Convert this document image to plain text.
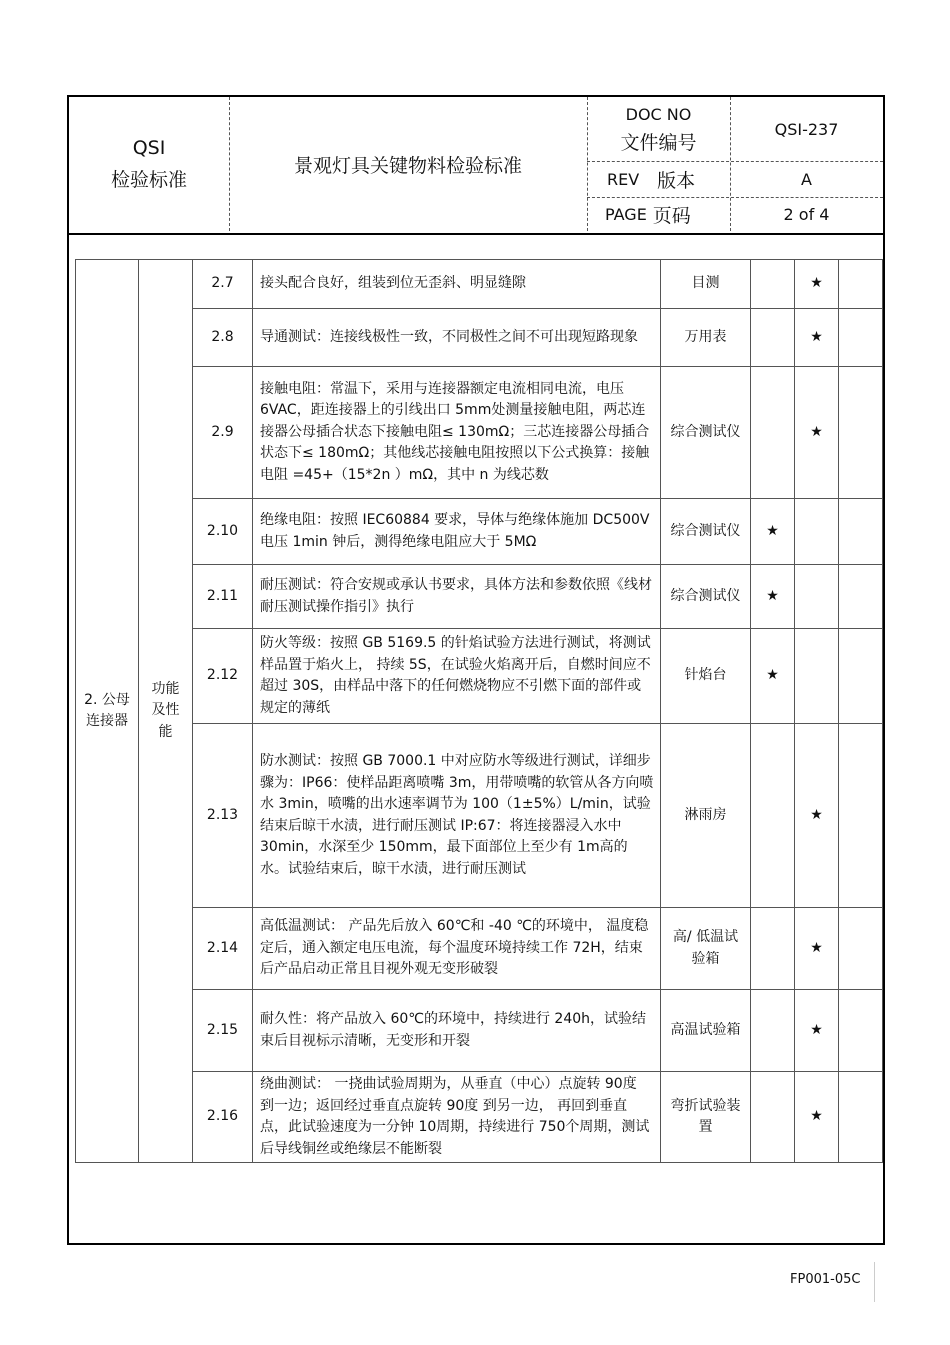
QSI
检验标准
景观灯具关键物料检验标准
DOC NO
文件编号
QSI-237
REV 版本	A
PAGE 页码	2 of 4
2. 公母连接器	功能及性能	2.7	接头配合良好，组装到位无歪斜、明显缝隙	目测		★	
		2.8	导通测试：连接线极性一致，不同极性之间不可出现短路现象	万用表		★	
		2.9	接触电阻：常温下，采用与连接器额定电流相同电流，电压 6VAC，距连接器上的引线出口 5mm处测量接触电阻，两芯连接器公母插合状态下接触电阻≤ 130mΩ；三芯连接器公母插合状态下≤ 180mΩ；其他线芯接触电阻按照以下公式换算：接触电阻 =45+（15*2n ）mΩ，其中 n 为线芯数	综合测试仪		★	
		2.10	绝缘电阻：按照 IEC60884 要求，导体与绝缘体施加 DC500V电压 1min 钟后，测得绝缘电阻应大于 5MΩ	综合测试仪	★		
		2.11	耐压测试：符合安规或承认书要求，具体方法和参数依照《线材耐压测试操作指引》执行	综合测试仪	★		
		2.12	防火等级：按照 GB 5169.5 的针焰试验方法进行测试，将测试样品置于焰火上， 持续 5S，在试验火焰离开后，自燃时间应不超过 30S，由样品中落下的任何燃烧物应不引燃下面的部件或规定的薄纸	针焰台	★		
		2.13	防水测试：按照 GB 7000.1 中对应防水等级进行测试，详细步骤为：IP66：使样品距离喷嘴 3m，用带喷嘴的软管从各方向喷水 3min，喷嘴的出水速率调节为 100（1±5%）L/min，试验结束后晾干水渍，进行耐压测试 IP:67：将连接器浸入水中 30min，水深至少 150mm，最下面部位上至少有 1m高的水。试验结束后，晾干水渍，进行耐压测试	淋雨房		★	
		2.14	高低温测试： 产品先后放入 60℃和 -40 ℃的环境中， 温度稳定后，通入额定电压电流，每个温度环境持续工作 72H，结束后产品启动正常且目视外观无变形破裂	高/ 低温试验箱		★	
		2.15	耐久性：将产品放入 60℃的环境中，持续进行 240h，试验结束后目视标示清晰，无变形和开裂	高温试验箱		★	
		2.16	绕曲测试： 一挠曲试验周期为，从垂直（中心）点旋转 90度 到一边；返回经过垂直点旋转 90度 到另一边， 再回到垂直点，此试验速度为一分钟 10周期，持续进行 750个周期，测试后导线铜丝或绝缘层不能断裂	弯折试验装置		★	
FP001-05C
